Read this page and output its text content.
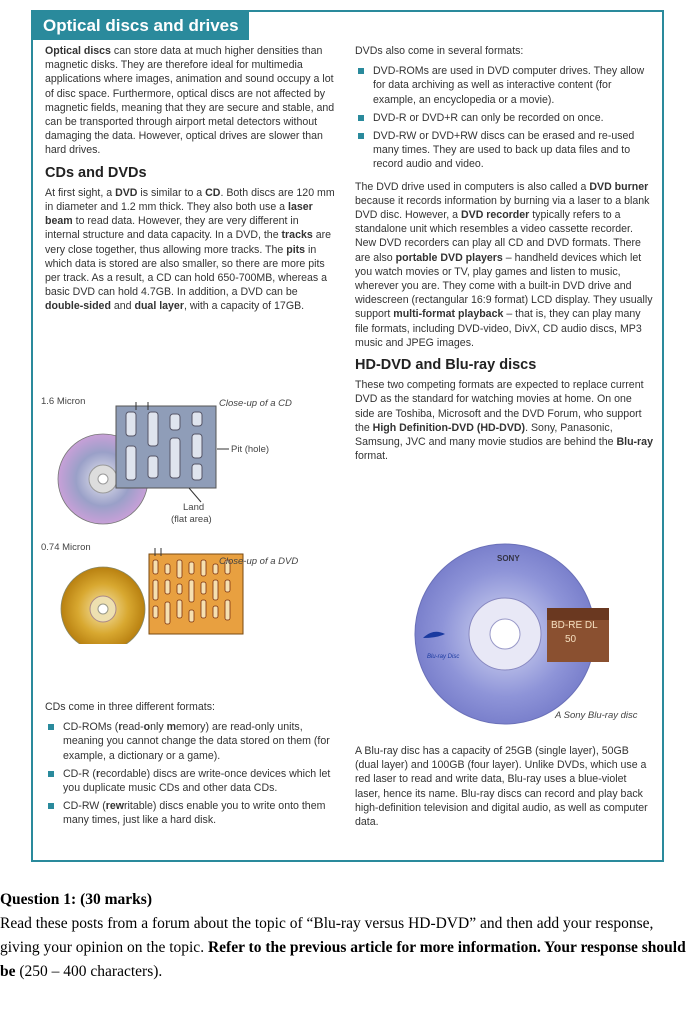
Optical discs and drives

Optical discs can store data at much higher densities than magnetic disks. They are therefore ideal for multimedia applications where images, animation and sound occupy a lot of disc space. Furthermore, optical discs are not affected by magnetic fields, meaning that they are secure and stable, and can be transported through airport metal detectors without damaging the data. However, optical drives are slower than hard drives.

CDs and DVDs

At first sight, a DVD is similar to a CD. Both discs are 120 mm in diameter and 1.2 mm thick. They also both use a laser beam to read data. However, they are very different in internal structure and data capacity. In a DVD, the tracks are very close together, thus allowing more tracks. The pits in which data is stored are also smaller, so there are more pits per track. As a result, a CD can hold 650-700MB, whereas a basic DVD can hold 4.7GB. In addition, a DVD can be double-sided and dual layer, with a capacity of 17GB.

1.6 Micron	Close-up of a CD
Pit (hole)
Land
(flat area)
0.74 Micron
Close-up of a DVD

CDs come in three different formats:

CD-ROMs (read-only memory) are read-only units, meaning you cannot change the data stored on them (for example, a dictionary or a game).
CD-R (recordable) discs are write-once devices which let you duplicate music CDs and other data CDs.
CD-RW (rewritable) discs enable you to write onto them many times, just like a hard disk.

DVDs also come in several formats:

DVD-ROMs are used in DVD computer drives. They allow for data archiving as well as interactive content (for example, an encyclopedia or a movie).
DVD-R or DVD+R can only be recorded on once.
DVD-RW or DVD+RW discs can be erased and re-used many times. They are used to back up data files and to record audio and video.

The DVD drive used in computers is also called a DVD burner because it records information by burning via a laser to a blank DVD disc. However, a DVD recorder typically refers to a standalone unit which resembles a video cassette recorder. New DVD recorders can play all CD and DVD formats. There are also portable DVD players – handheld devices which let you watch movies or TV, play games and listen to music, wherever you are. They come with a built-in DVD drive and widescreen (rectangular 16:9 format) LCD display. They usually support multi-format playback – that is, they can play many file formats, including DVD-video, DivX, CD audio discs, MP3 music and JPEG images.

HD-DVD and Blu-ray discs

These two competing formats are expected to replace current DVD as the standard for watching movies at home. On one side are Toshiba, Microsoft and the DVD Forum, who support the High Definition-DVD (HD-DVD). Sony, Panasonic, Samsung, JVC and many movie studios are behind the Blu-ray format.

SONY
BD-RE DL
50
Blu-ray Disc
A Sony Blu-ray disc
A Blu-ray disc has a capacity of 25GB (single layer), 50GB (dual layer) and 100GB (four layer). Unlike DVDs, which use a red laser to read and write data, Blu-ray uses a blue-violet laser, hence its name. Blu-ray discs can record and play back high-definition television and digital audio, as well as computer data.
Question 1: (30 marks)
Read these posts from a forum about the topic of “Blu-ray versus HD-DVD” and then add your response, giving your opinion on the topic. Refer to the previous article for more information. Your response should be (250 – 400 characters).
